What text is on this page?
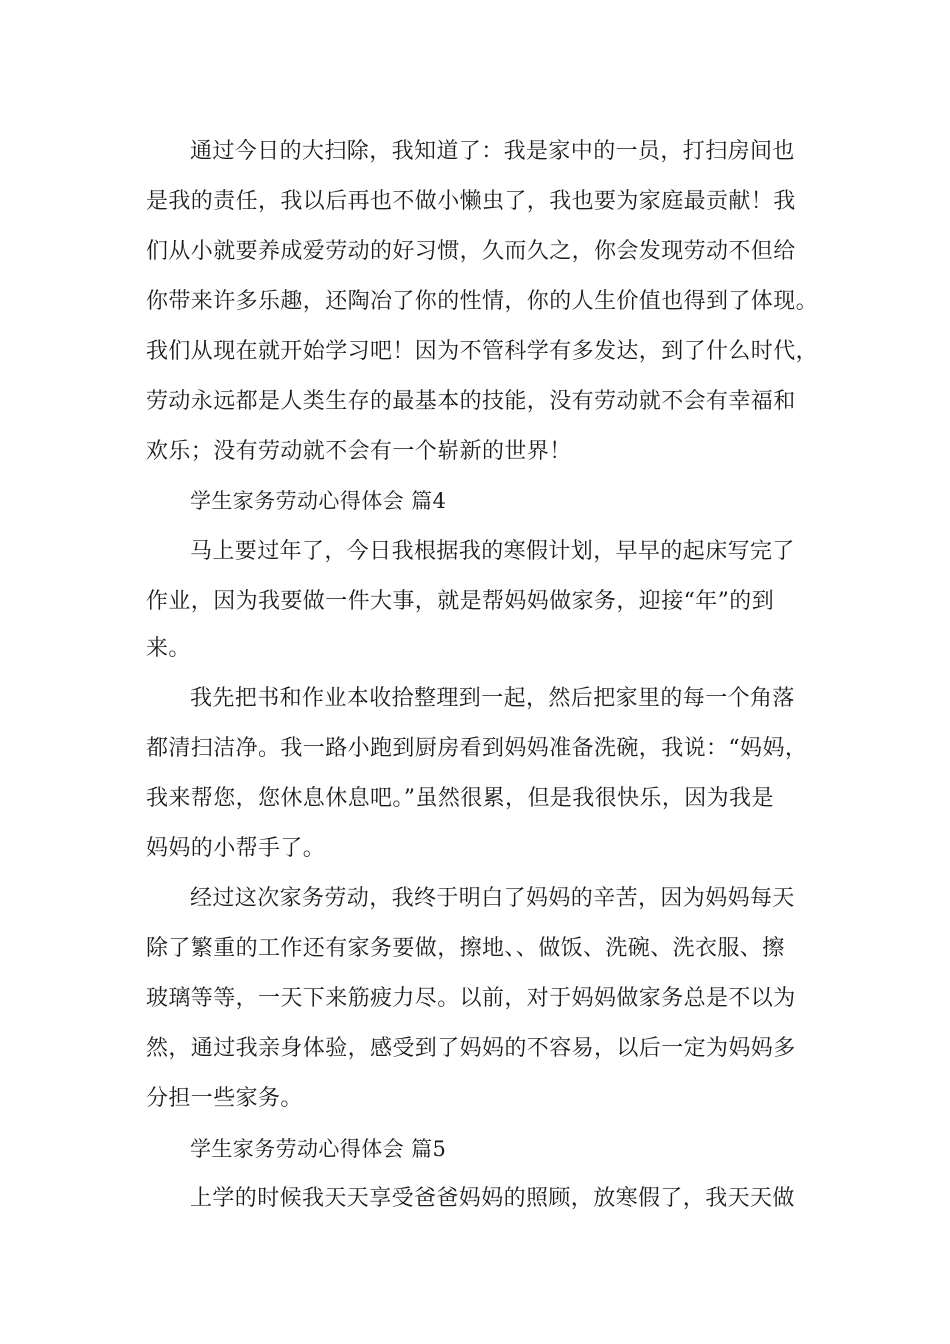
通过今日的大扫除，我知道了：我是家中的一员，打扫房间也
是我的责任，我以后再也不做小懒虫了，我也要为家庭最贡献！我
们从小就要养成爱劳动的好习惯，久而久之，你会发现劳动不但给
你带来许多乐趣，还陶冶了你的性情，你的人生价值也得到了体现。
我们从现在就开始学习吧！因为不管科学有多发达，到了什么时代，
劳动永远都是人类生存的最基本的技能，没有劳动就不会有幸福和
欢乐；没有劳动就不会有一个崭新的世界！
学生家务劳动心得体会 篇4
马上要过年了，今日我根据我的寒假计划，早早的起床写完了
作业，因为我要做一件大事，就是帮妈妈做家务，迎接“年”的到
来。
我先把书和作业本收拾整理到一起，然后把家里的每一个角落
都清扫洁净。我一路小跑到厨房看到妈妈准备洗碗，我说：“妈妈，
我来帮您，您休息休息吧。”虽然很累，但是我很快乐，因为我是
妈妈的小帮手了。
经过这次家务劳动，我终于明白了妈妈的辛苦，因为妈妈每天
除了繁重的工作还有家务要做，擦地、、做饭、洗碗、洗衣服、擦
玻璃等等，一天下来筋疲力尽。以前，对于妈妈做家务总是不以为
然，通过我亲身体验，感受到了妈妈的不容易，以后一定为妈妈多
分担一些家务。
学生家务劳动心得体会 篇5
上学的时候我天天享受爸爸妈妈的照顾，放寒假了，我天天做
